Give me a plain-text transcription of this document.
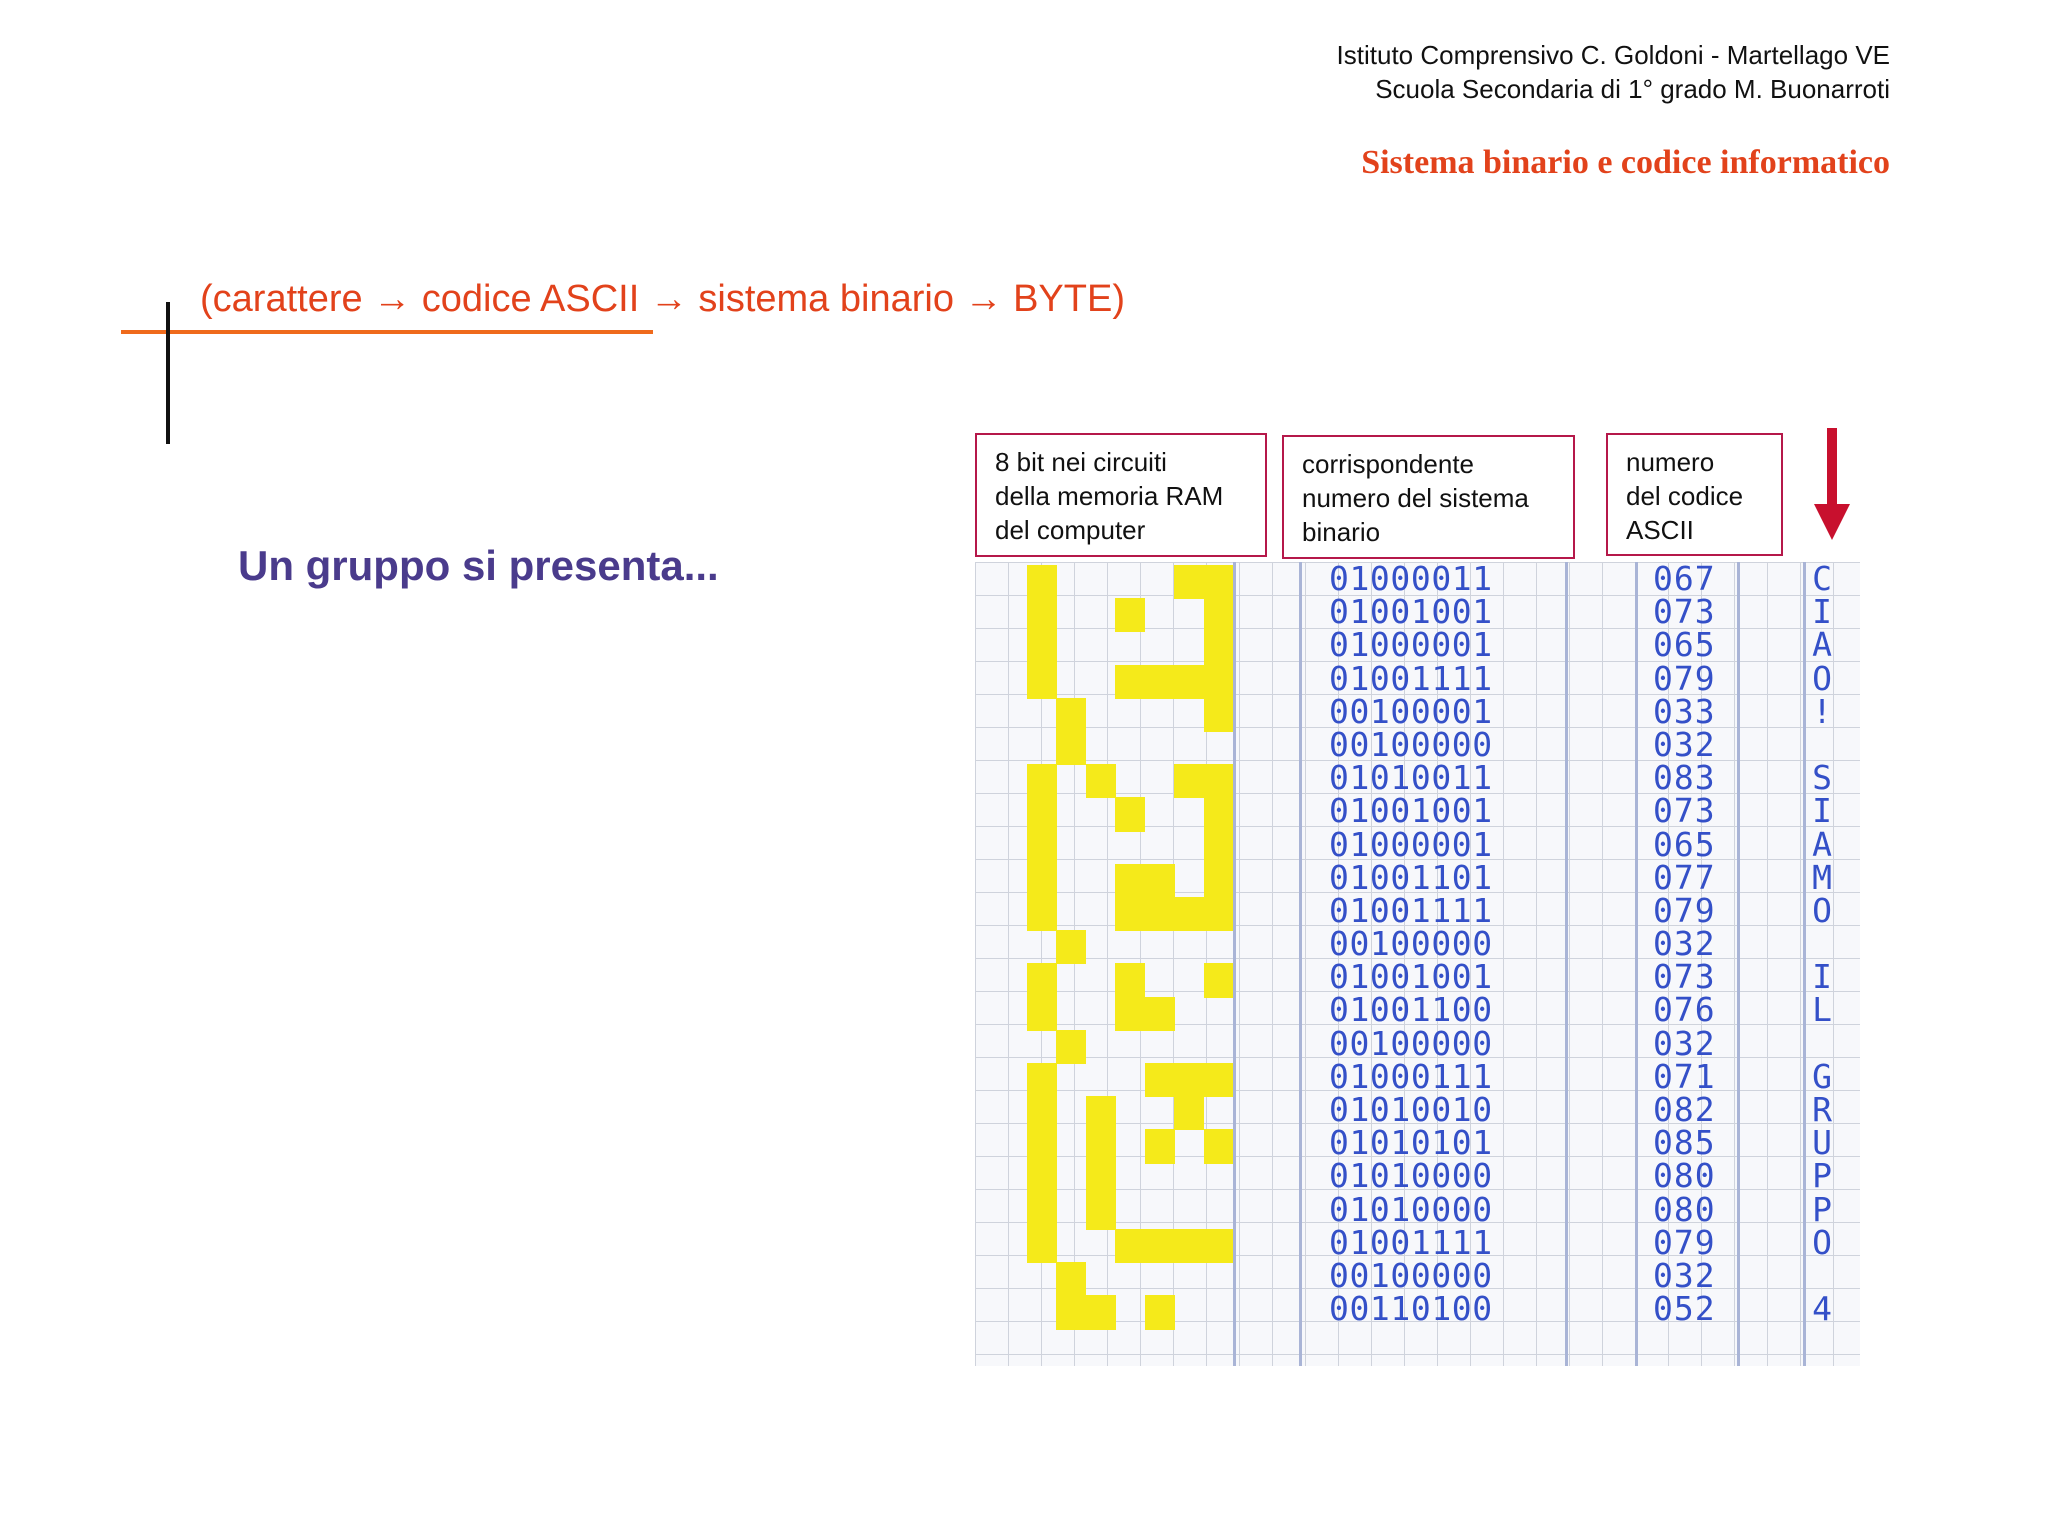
Istituto Comprensivo C. Goldoni - Martellago VE
Scuola Secondaria di 1° grado M. Buonarroti
Sistema binario e codice informatico
(carattere → codice ASCII → sistema binario → BYTE)
Un gruppo si presenta...
8 bit nei circuiti
della memoria RAM
del computer
corrispondente
numero del sistema
binario
numero
del codice
ASCII
01000011
01001001
01000001
01001111
00100001
00100000
01010011
01001001
01000001
01001101
01001111
00100000
01001001
01001100
00100000
01000111
01010010
01010101
01010000
01010000
01001111
00100000
00110100
067
073
065
079
033
032
083
073
065
077
079
032
073
076
032
071
082
085
080
080
079
032
052
C
I
A
O
!
S
I
A
M
O
I
L
G
R
U
P
P
O
4
